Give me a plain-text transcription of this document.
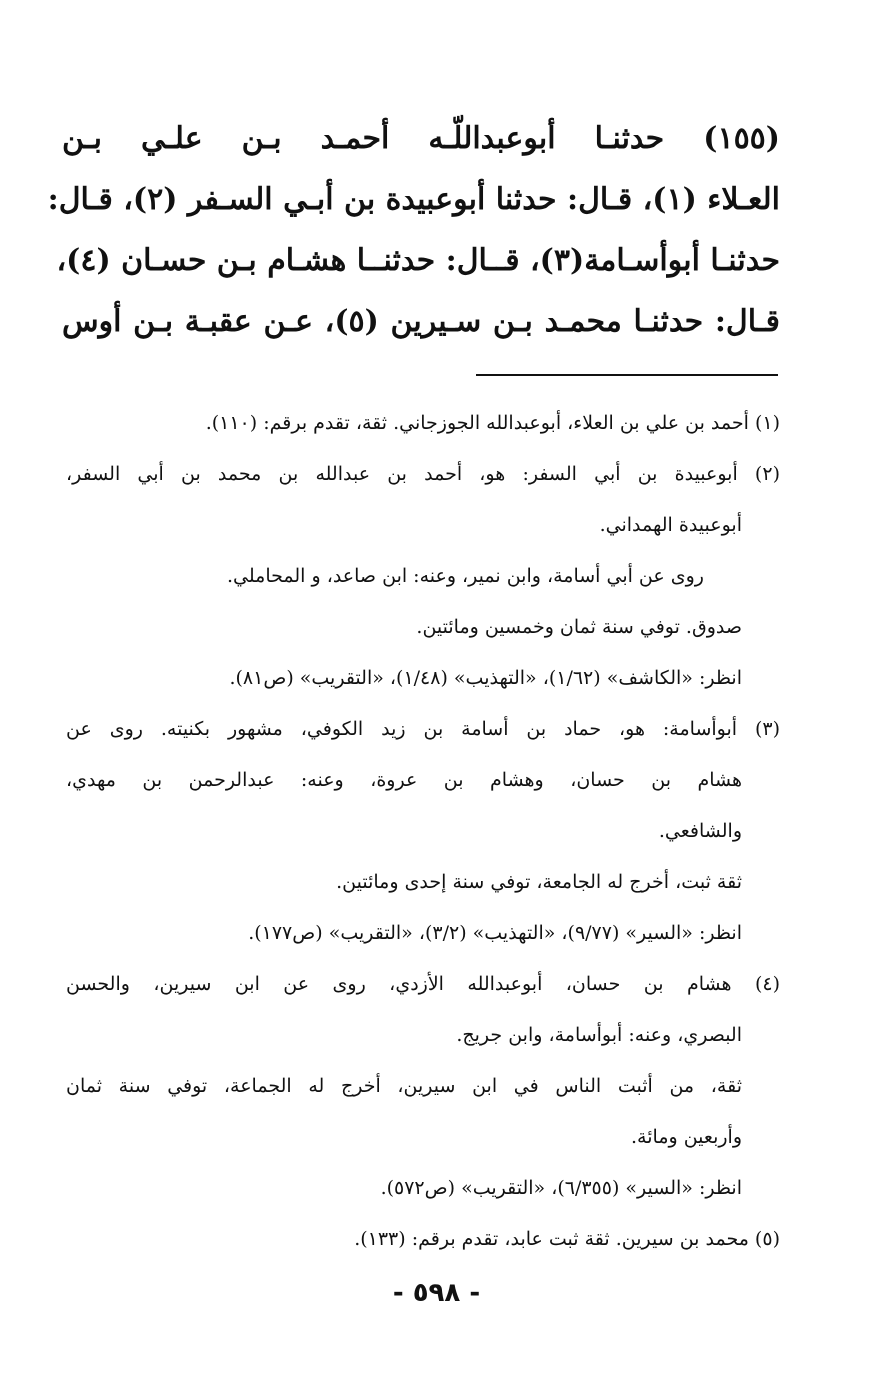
(١٥٥) حدثنـا أبوعبداللّـه أحمـد بـن علـي بـن
العـلاء (١)، قـال: حدثنا أبوعبيدة بن أبـي السـفر (٢)، قـال:
حدثنـا أبوأسـامة(٣)، قــال: حدثنــا هشـام بـن حسـان (٤)،
قـال: حدثنـا محمـد بـن سـيرين (٥)، عـن عقبـة بـن أوس
(١) أحمد بن علي بن العلاء، أبوعبدالله الجوزجاني. ثقة، تقدم برقم: (١١٠).
(٢) أبوعبيدة بن أبي السفر: هو، أحمد بن عبدالله بن محمد بن أبي السفر،
أبوعبيدة الهمداني.
روى عن أبي أسامة، وابن نمير، وعنه: ابن صاعد، و المحاملي.
صدوق. توفي سنة ثمان وخمسين ومائتين.
انظر: «الكاشف» (١/٦٢)، «التهذيب» (١/٤٨)، «التقريب» (ص٨١).
(٣) أبوأسامة: هو، حماد بن أسامة بن زيد الكوفي، مشهور بكنيته. روى عن
هشام بن حسان، وهشام بن عروة، وعنه: عبدالرحمن بن مهدي،
والشافعي.
ثقة ثبت، أخرج له الجامعة، توفي سنة إحدى ومائتين.
انظر: «السير» (٩/٧٧)، «التهذيب» (٣/٢)، «التقريب» (ص١٧٧).
(٤) هشام بن حسان، أبوعبدالله الأزدي، روى عن ابن سيرين، والحسن
البصري، وعنه: أبوأسامة، وابن جريج.
ثقة، من أثبت الناس في ابن سيرين، أخرج له الجماعة، توفي سنة ثمان
وأربعين ومائة.
انظر: «السير» (٦/٣٥٥)، «التقريب» (ص٥٧٢).
(٥) محمد بن سيرين. ثقة ثبت عابد، تقدم برقم: (١٣٣).
- ٥٩٨ -
